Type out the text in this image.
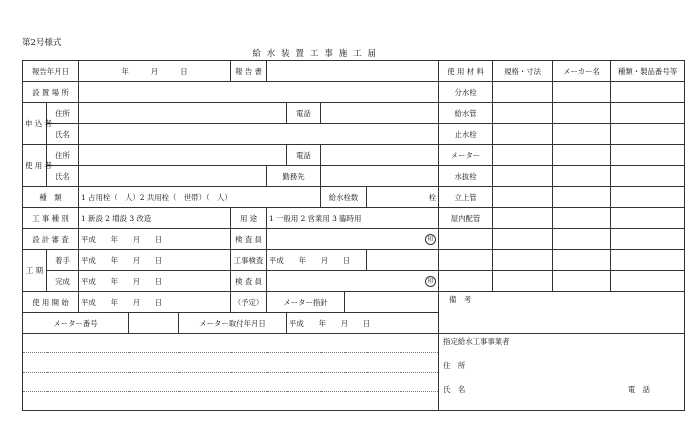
第2号様式
給 水 装 置 工 事 施 工 届
報告年月日		年 月 日			報 告 書						使 用 材 料	規格・寸法	メーカー名	種類・製品番号等
設 置 場 所											分水栓			
申 込 者	住所						電話				給水管			
	氏名										止水栓			
使 用 者	住所						電話				メーター			
	氏名					勤務先					水抜栓			
種　類		1 占用栓（　人）2 共用栓（　世帯）（　人）						給水栓数		栓	立上管			
工 事 種 別		1 新設 2 増設 3 改造			用 途	1 一般用 2 営業用 3 臨時用					屋内配管			
設 計 審 査		平成　　年　　月　　日			検 査 員	印								
工 期	着手	平成　　年　　月　　日			工事検査	平成　　年　　月　　日								
	完成	平成　　年　　月　　日			検 査 員	印								
使 用 開 始		平成　　年　　月　　日			（予定）	メーター指針					備　考			
メーター番号				メーター取付年月日			平成　　年　　月　　日							

											指定給水工事事業者
住　所
氏　名 電　話			
